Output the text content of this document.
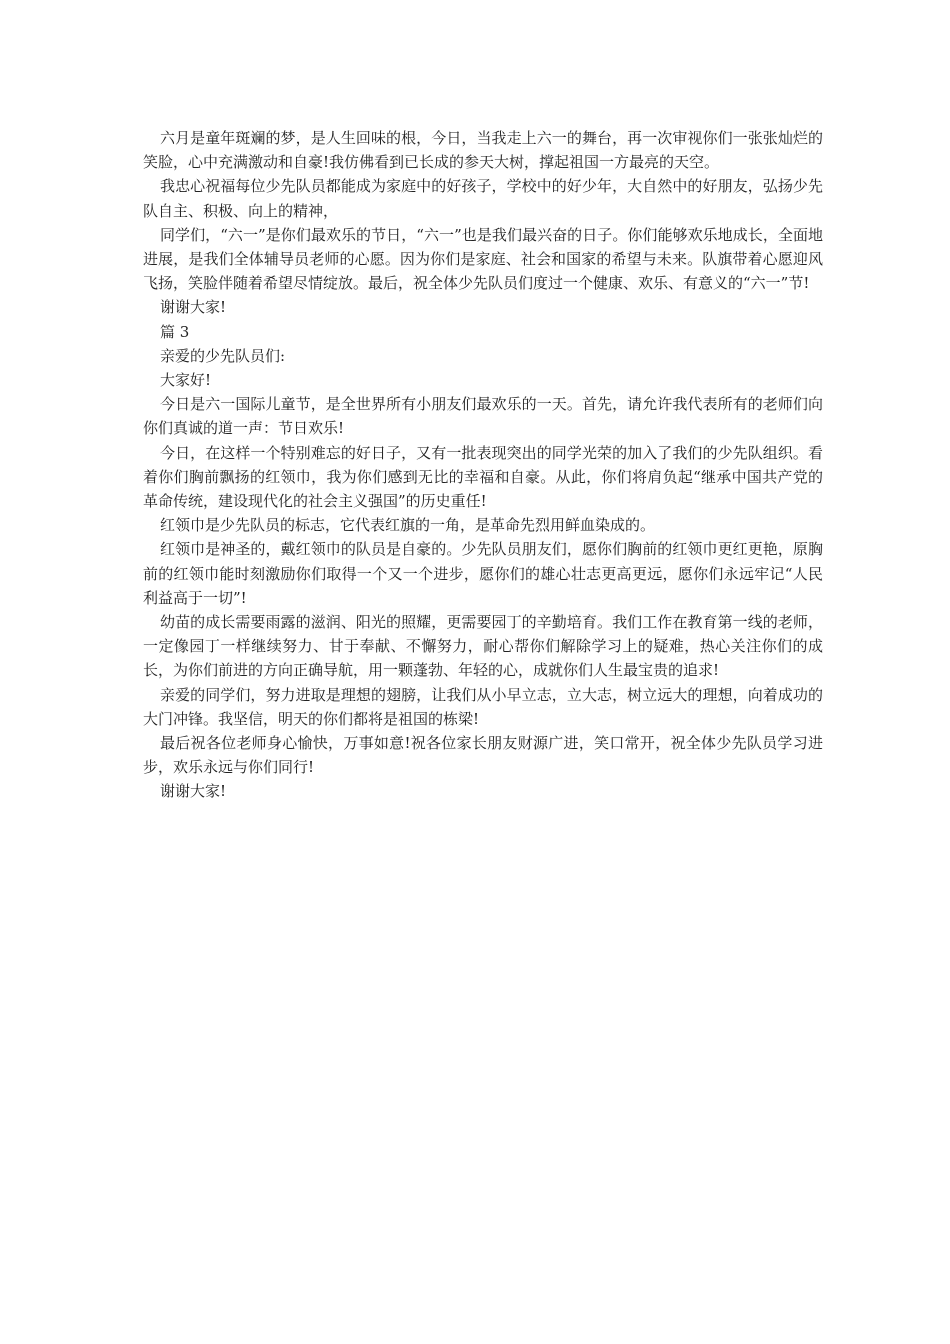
六月是童年斑斓的梦，是人生回味的根，今日，当我走上六一的舞台，再一次审视你们一张张灿烂的笑脸，心中充满激动和自豪!我仿佛看到已长成的参天大树，撑起祖国一方最亮的天空。

我忠心祝福每位少先队员都能成为家庭中的好孩子，学校中的好少年，大自然中的好朋友，弘扬少先队自主、积极、向上的精神，

同学们，“六一”是你们最欢乐的节日，“六一”也是我们最兴奋的日子。你们能够欢乐地成长，全面地进展，是我们全体辅导员老师的心愿。因为你们是家庭、社会和国家的希望与未来。队旗带着心愿迎风飞扬，笑脸伴随着希望尽情绽放。最后，祝全体少先队员们度过一个健康、欢乐、有意义的“六一”节!

谢谢大家!

篇 3

亲爱的少先队员们:

大家好!

今日是六一国际儿童节，是全世界所有小朋友们最欢乐的一天。首先，请允许我代表所有的老师们向你们真诚的道一声：节日欢乐!

今日，在这样一个特别难忘的好日子，又有一批表现突出的同学光荣的加入了我们的少先队组织。看着你们胸前飘扬的红领巾，我为你们感到无比的幸福和自豪。从此，你们将肩负起“继承中国共产党的革命传统，建设现代化的社会主义强国”的历史重任!

红领巾是少先队员的标志，它代表红旗的一角，是革命先烈用鲜血染成的。

红领巾是神圣的，戴红领巾的队员是自豪的。少先队员朋友们，愿你们胸前的红领巾更红更艳，原胸前的红领巾能时刻激励你们取得一个又一个进步，愿你们的雄心壮志更高更远，愿你们永远牢记“人民利益高于一切”!

幼苗的成长需要雨露的滋润、阳光的照耀，更需要园丁的辛勤培育。我们工作在教育第一线的老师，一定像园丁一样继续努力、甘于奉献、不懈努力，耐心帮你们解除学习上的疑难，热心关注你们的成长，为你们前进的方向正确导航，用一颗蓬勃、年轻的心，成就你们人生最宝贵的追求!

亲爱的同学们，努力进取是理想的翅膀，让我们从小早立志，立大志，树立远大的理想，向着成功的大门冲锋。我坚信，明天的你们都将是祖国的栋梁!

最后祝各位老师身心愉快，万事如意!祝各位家长朋友财源广进，笑口常开，祝全体少先队员学习进步，欢乐永远与你们同行!

谢谢大家!
